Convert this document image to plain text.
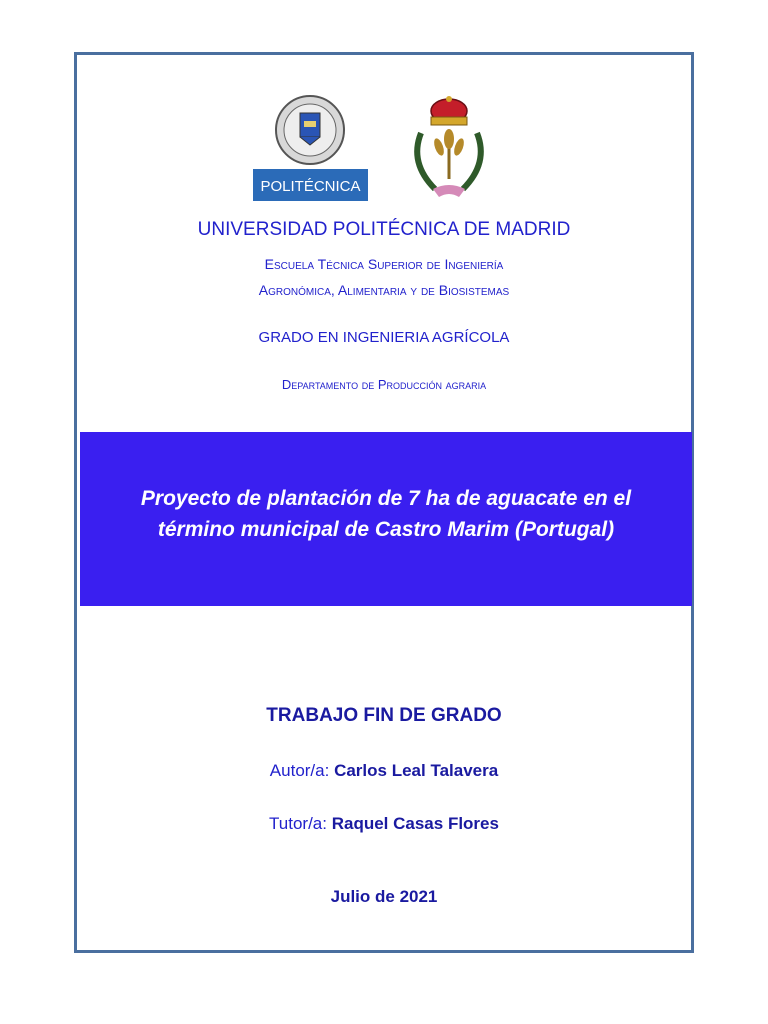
POLITÉCNICA
UNIVERSIDAD POLITÉCNICA DE MADRID
Escuela Técnica Superior de Ingeniería
Agronómica, Alimentaria y de Biosistemas
GRADO EN INGENIERIA AGRÍCOLA
Departamento de Producción agraria
Proyecto de plantación de 7 ha de aguacate en el término municipal de Castro Marim (Portugal)
TRABAJO FIN DE GRADO
Autor/a: Carlos Leal Talavera
Tutor/a: Raquel Casas Flores
Julio de 2021
